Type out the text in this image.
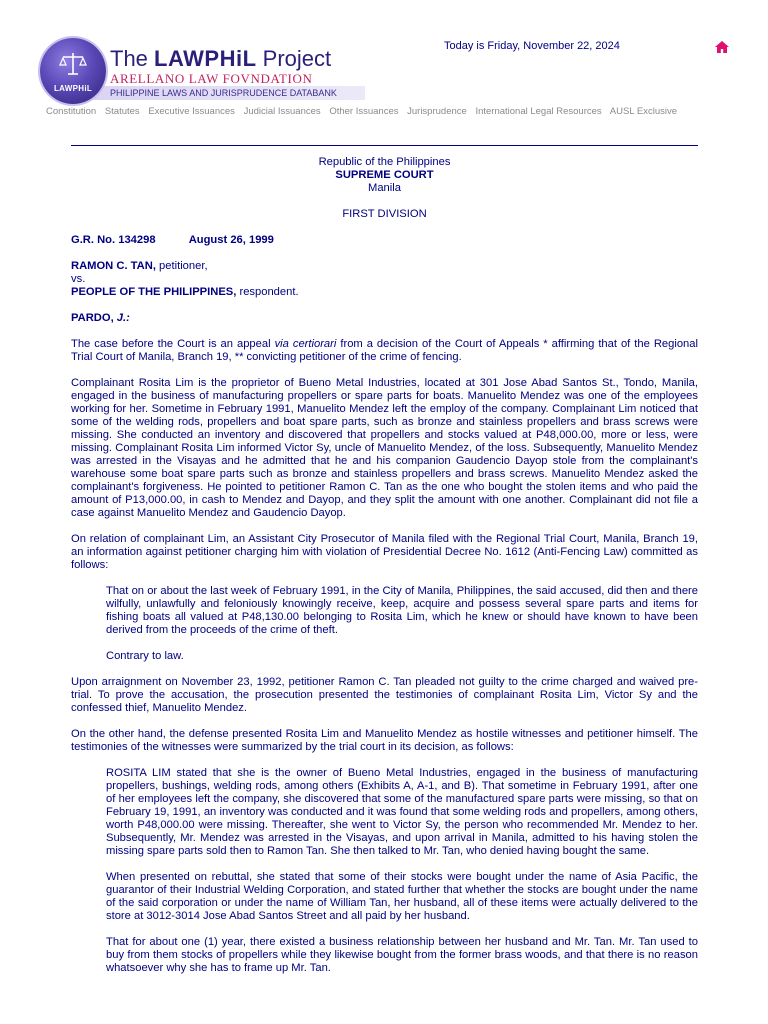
PHILIPPINE LAWS AND JURISPRUDENCE DATABANK
LAWPHiL
The LAWPHiL Project
ARELLANO LAW FOVNDATION
Today is Friday, November 22, 2024
Constitution Statutes Executive Issuances Judicial Issuances Other Issuances Jurisprudence International Legal Resources AUSL Exclusive
Republic of the Philippines
SUPREME COURT
Manila
FIRST DIVISION
G.R. No. 134298	August 26, 1999
RAMON C. TAN, petitioner,
vs.
PEOPLE OF THE PHILIPPINES, respondent.
PARDO, J.:

The case before the Court is an appeal via certiorari from a decision of the Court of Appeals * affirming that of the Regional Trial Court of Manila, Branch 19, ** convicting petitioner of the crime of fencing.

Complainant Rosita Lim is the proprietor of Bueno Metal Industries, located at 301 Jose Abad Santos St., Tondo, Manila, engaged in the business of manufacturing propellers or spare parts for boats. Manuelito Mendez was one of the employees working for her. Sometime in February 1991, Manuelito Mendez left the employ of the company. Complainant Lim noticed that some of the welding rods, propellers and boat spare parts, such as bronze and stainless propellers and brass screws were missing. She conducted an inventory and discovered that propellers and stocks valued at P48,000.00, more or less, were missing. Complainant Rosita Lim informed Victor Sy, uncle of Manuelito Mendez, of the loss. Subsequently, Manuelito Mendez was arrested in the Visayas and he admitted that he and his companion Gaudencio Dayop stole from the complainant's warehouse some boat spare parts such as bronze and stainless propellers and brass screws. Manuelito Mendez asked the complainant's forgiveness. He pointed to petitioner Ramon C. Tan as the one who bought the stolen items and who paid the amount of P13,000.00, in cash to Mendez and Dayop, and they split the amount with one another. Complainant did not file a case against Manuelito Mendez and Gaudencio Dayop.

On relation of complainant Lim, an Assistant City Prosecutor of Manila filed with the Regional Trial Court, Manila, Branch 19, an information against petitioner charging him with violation of Presidential Decree No. 1612 (Anti-Fencing Law) committed as follows:

That on or about the last week of February 1991, in the City of Manila, Philippines, the said accused, did then and there wilfully, unlawfully and feloniously knowingly receive, keep, acquire and possess several spare parts and items for fishing boats all valued at P48,130.00 belonging to Rosita Lim, which he knew or should have known to have been derived from the proceeds of the crime of theft.

Contrary to law.

Upon arraignment on November 23, 1992, petitioner Ramon C. Tan pleaded not guilty to the crime charged and waived pre-trial. To prove the accusation, the prosecution presented the testimonies of complainant Rosita Lim, Victor Sy and the confessed thief, Manuelito Mendez.

On the other hand, the defense presented Rosita Lim and Manuelito Mendez as hostile witnesses and petitioner himself. The testimonies of the witnesses were summarized by the trial court in its decision, as follows:

ROSITA LIM stated that she is the owner of Bueno Metal Industries, engaged in the business of manufacturing propellers, bushings, welding rods, among others (Exhibits A, A-1, and B). That sometime in February 1991, after one of her employees left the company, she discovered that some of the manufactured spare parts were missing, so that on February 19, 1991, an inventory was conducted and it was found that some welding rods and propellers, among others, worth P48,000.00 were missing. Thereafter, she went to Victor Sy, the person who recommended Mr. Mendez to her. Subsequently, Mr. Mendez was arrested in the Visayas, and upon arrival in Manila, admitted to his having stolen the missing spare parts sold then to Ramon Tan. She then talked to Mr. Tan, who denied having bought the same.

When presented on rebuttal, she stated that some of their stocks were bought under the name of Asia Pacific, the guarantor of their Industrial Welding Corporation, and stated further that whether the stocks are bought under the name of the said corporation or under the name of William Tan, her husband, all of these items were actually delivered to the store at 3012-3014 Jose Abad Santos Street and all paid by her husband.

That for about one (1) year, there existed a business relationship between her husband and Mr. Tan. Mr. Tan used to buy from them stocks of propellers while they likewise bought from the former brass woods, and that there is no reason whatsoever why she has to frame up Mr. Tan.
